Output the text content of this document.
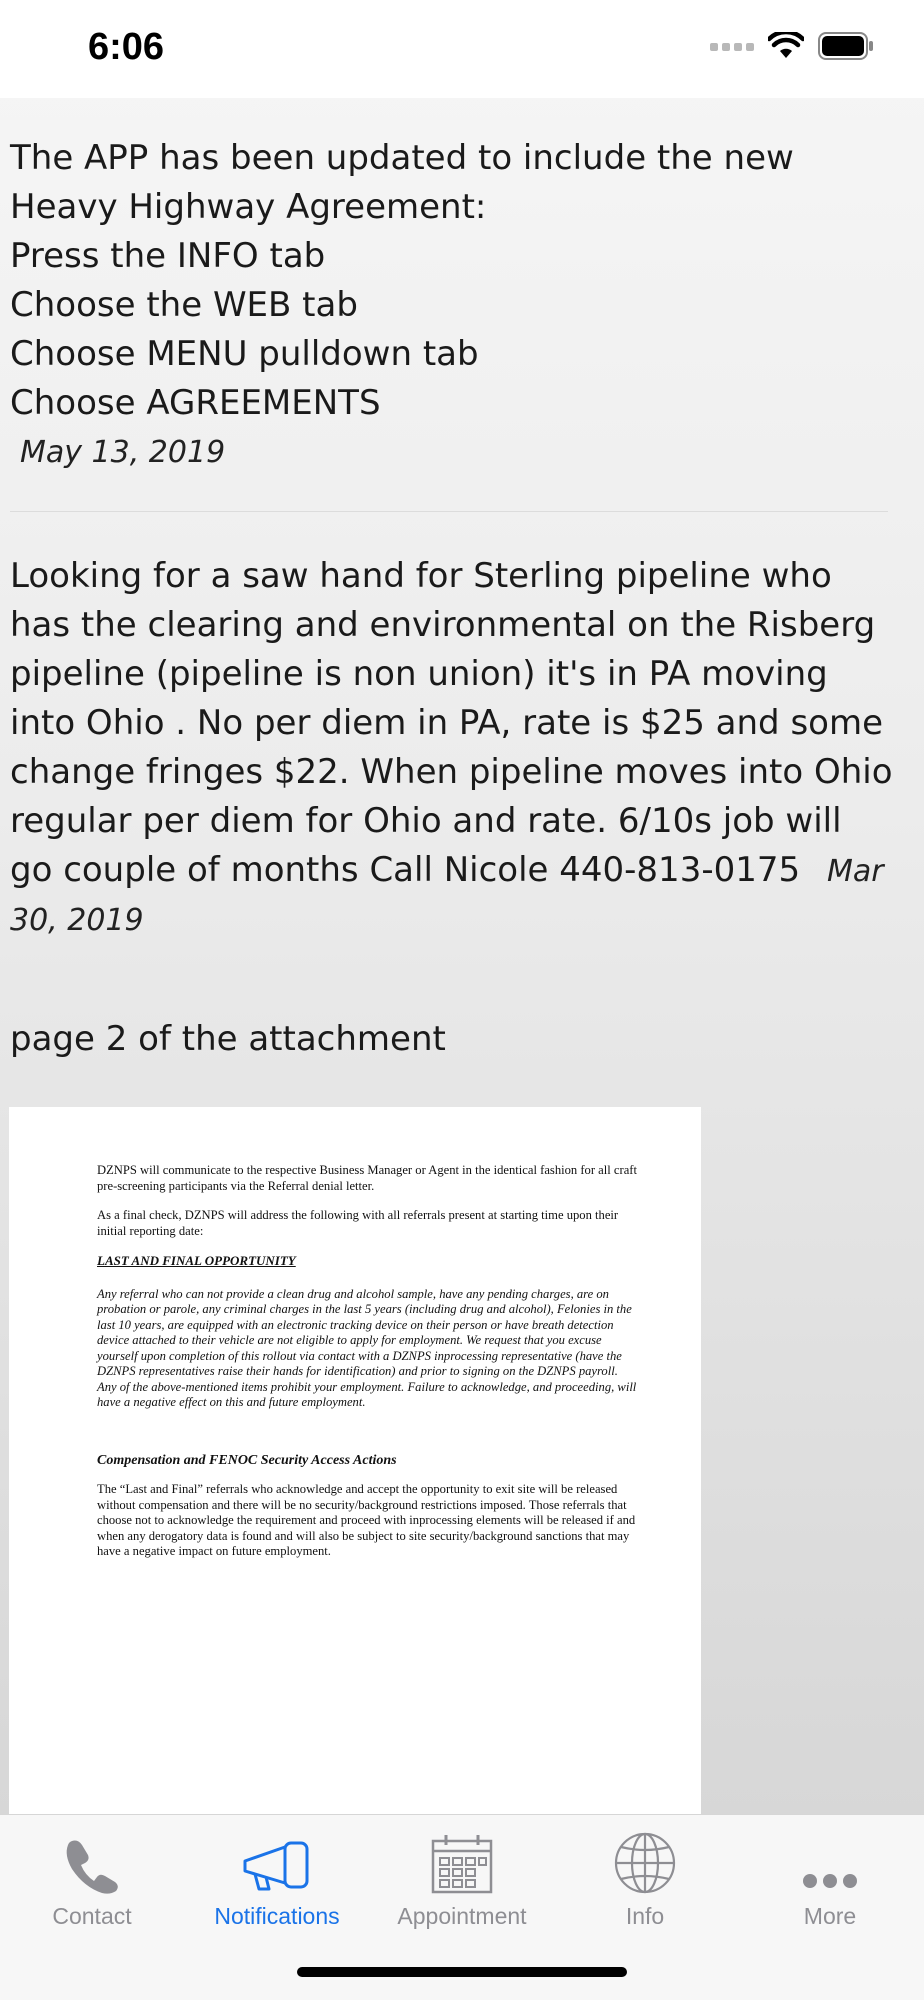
6:06
The APP has been updated to include the new
Heavy Highway Agreement:
Press the INFO tab
Choose the WEB tab
Choose MENU pulldown tab
Choose AGREEMENTS
May 13, 2019
Looking for a saw hand for Sterling pipeline who
has the clearing and environmental on the Risberg
pipeline (pipeline is non union) it's in PA moving
into Ohio . No per diem in PA, rate is $25 and some
change fringes $22. When pipeline moves into Ohio
regular per diem for Ohio and rate. 6/10s job will
go couple of months Call Nicole 440-813-0175 Mar
30, 2019
page 2 of the attachment

DZNPS will communicate to the respective Business Manager or Agent in the identical fashion for all craft pre-screening participants via the Referral denial letter.

As a final check, DZNPS will address the following with all referrals present at starting time upon their initial reporting date:

LAST AND FINAL OPPORTUNITY

Any referral who can not provide a clean drug and alcohol sample, have any pending charges, are on probation or parole, any criminal charges in the last 5 years (including drug and alcohol), Felonies in the last 10 years, are equipped with an electronic tracking device on their person or have breath detection device attached to their vehicle are not eligible to apply for employment. We request that you excuse yourself upon completion of this rollout via contact with a DZNPS inprocessing representative (have the DZNPS representatives raise their hands for identification) and prior to signing on the DZNPS payroll. Any of the above-mentioned items prohibit your employment. Failure to acknowledge, and proceeding, will have a negative effect on this and future employment.

Compensation and FENOC Security Access Actions

The “Last and Final” referrals who acknowledge and accept the opportunity to exit site will be released without compensation and there will be no security/background restrictions imposed. Those referrals that choose not to acknowledge the requirement and proceed with inprocessing elements will be released if and when any derogatory data is found and will also be subject to site security/background sanctions that may have a negative impact on future employment.

Contact	Notifications	Appointment	Info	More
